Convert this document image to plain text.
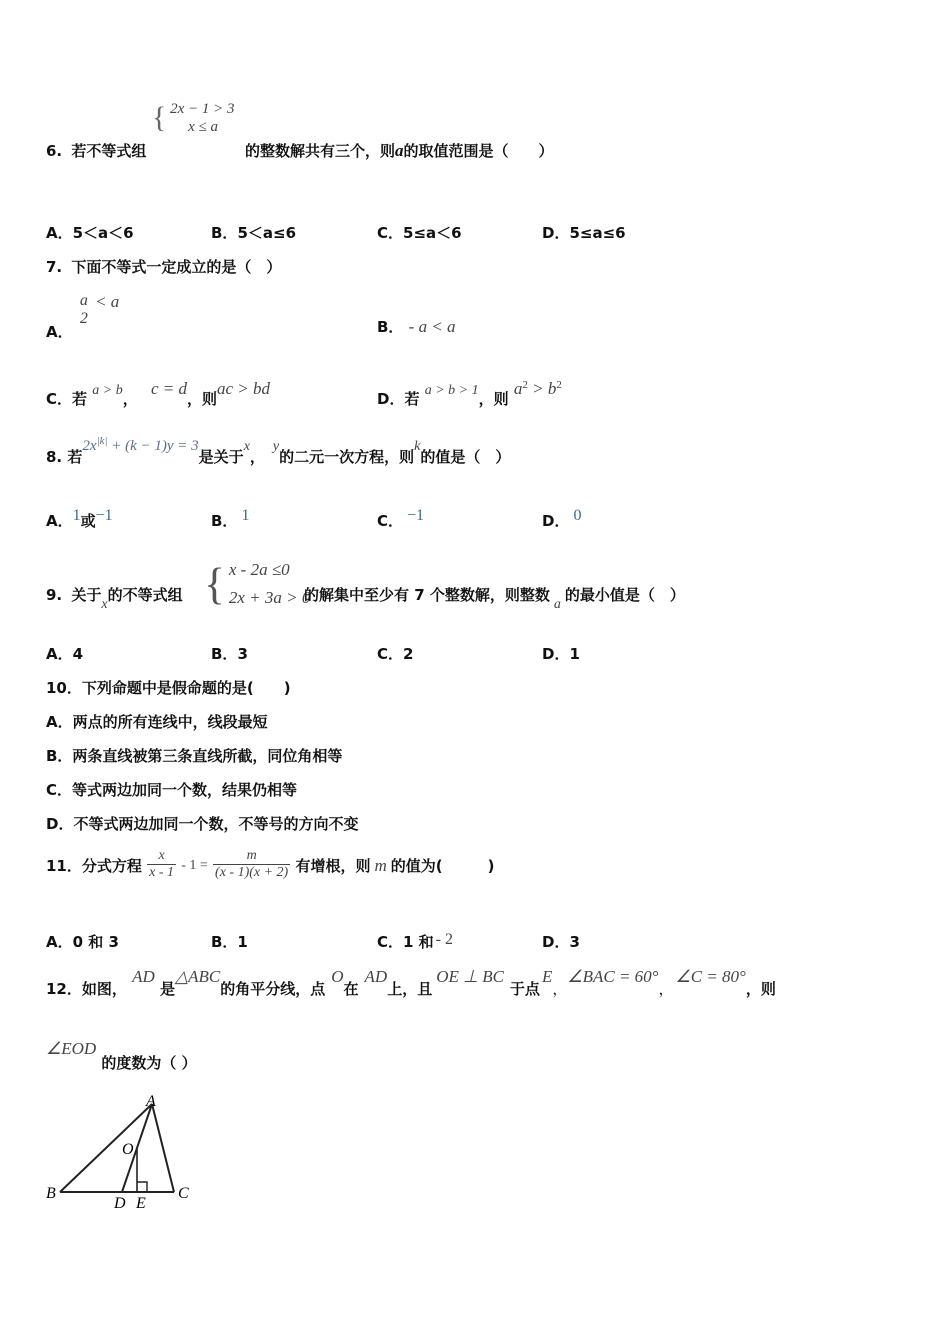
{ 2x − 1 > 3
x ≤ a
6. 若不等式组	的整数解共有三个，则a的取值范围是（　　）
A．5＜a＜6	B．5＜a≤6	C．5≤a＜6	D．5≤a≤6
7. 下面不等式一定成立的是（　）
A．
a
2
< a
B． - a < a
C．若 a > b， c = d，则ac > bd
D．若 a > b > 1，则 $a^2 > b^2$
8. 若$2x^{|k|} + (k - 1)y = 3$是关于x，y的二元一次方程，则k的值是（　）
A．1或−1	B． 1	C． −1	D． 0
9. 关于x的不等式组 { x - 2a ≤0
2x + 3a > 0
的解集中至少有 7 个整数解，则整数a的最小值是（　）
A．4	B．3	C．2	D．1
10．下列命题中是假命题的是(　　)
A．两点的所有连线中，线段最短
B．两条直线被第三条直线所截，同位角相等
C．等式两边加同一个数，结果仍相等
D．不等式两边加同一个数，不等号的方向不变
11．分式方程 $\frac{x}{x - 1} - 1 = \frac{m}{(x - 1)(x + 2)}$ 有增根，则 m 的值为(　　　)
A．0 和 3	B．1	C．1 和 - 2	D．3
12．如图， AD 是△ABC的角平分线，点O在AD上，且OE ⊥ BC于点E，∠BAC = 60°，∠C = 80°，则
∠EOD 的度数为（ ）
A
B	C
D E
O
